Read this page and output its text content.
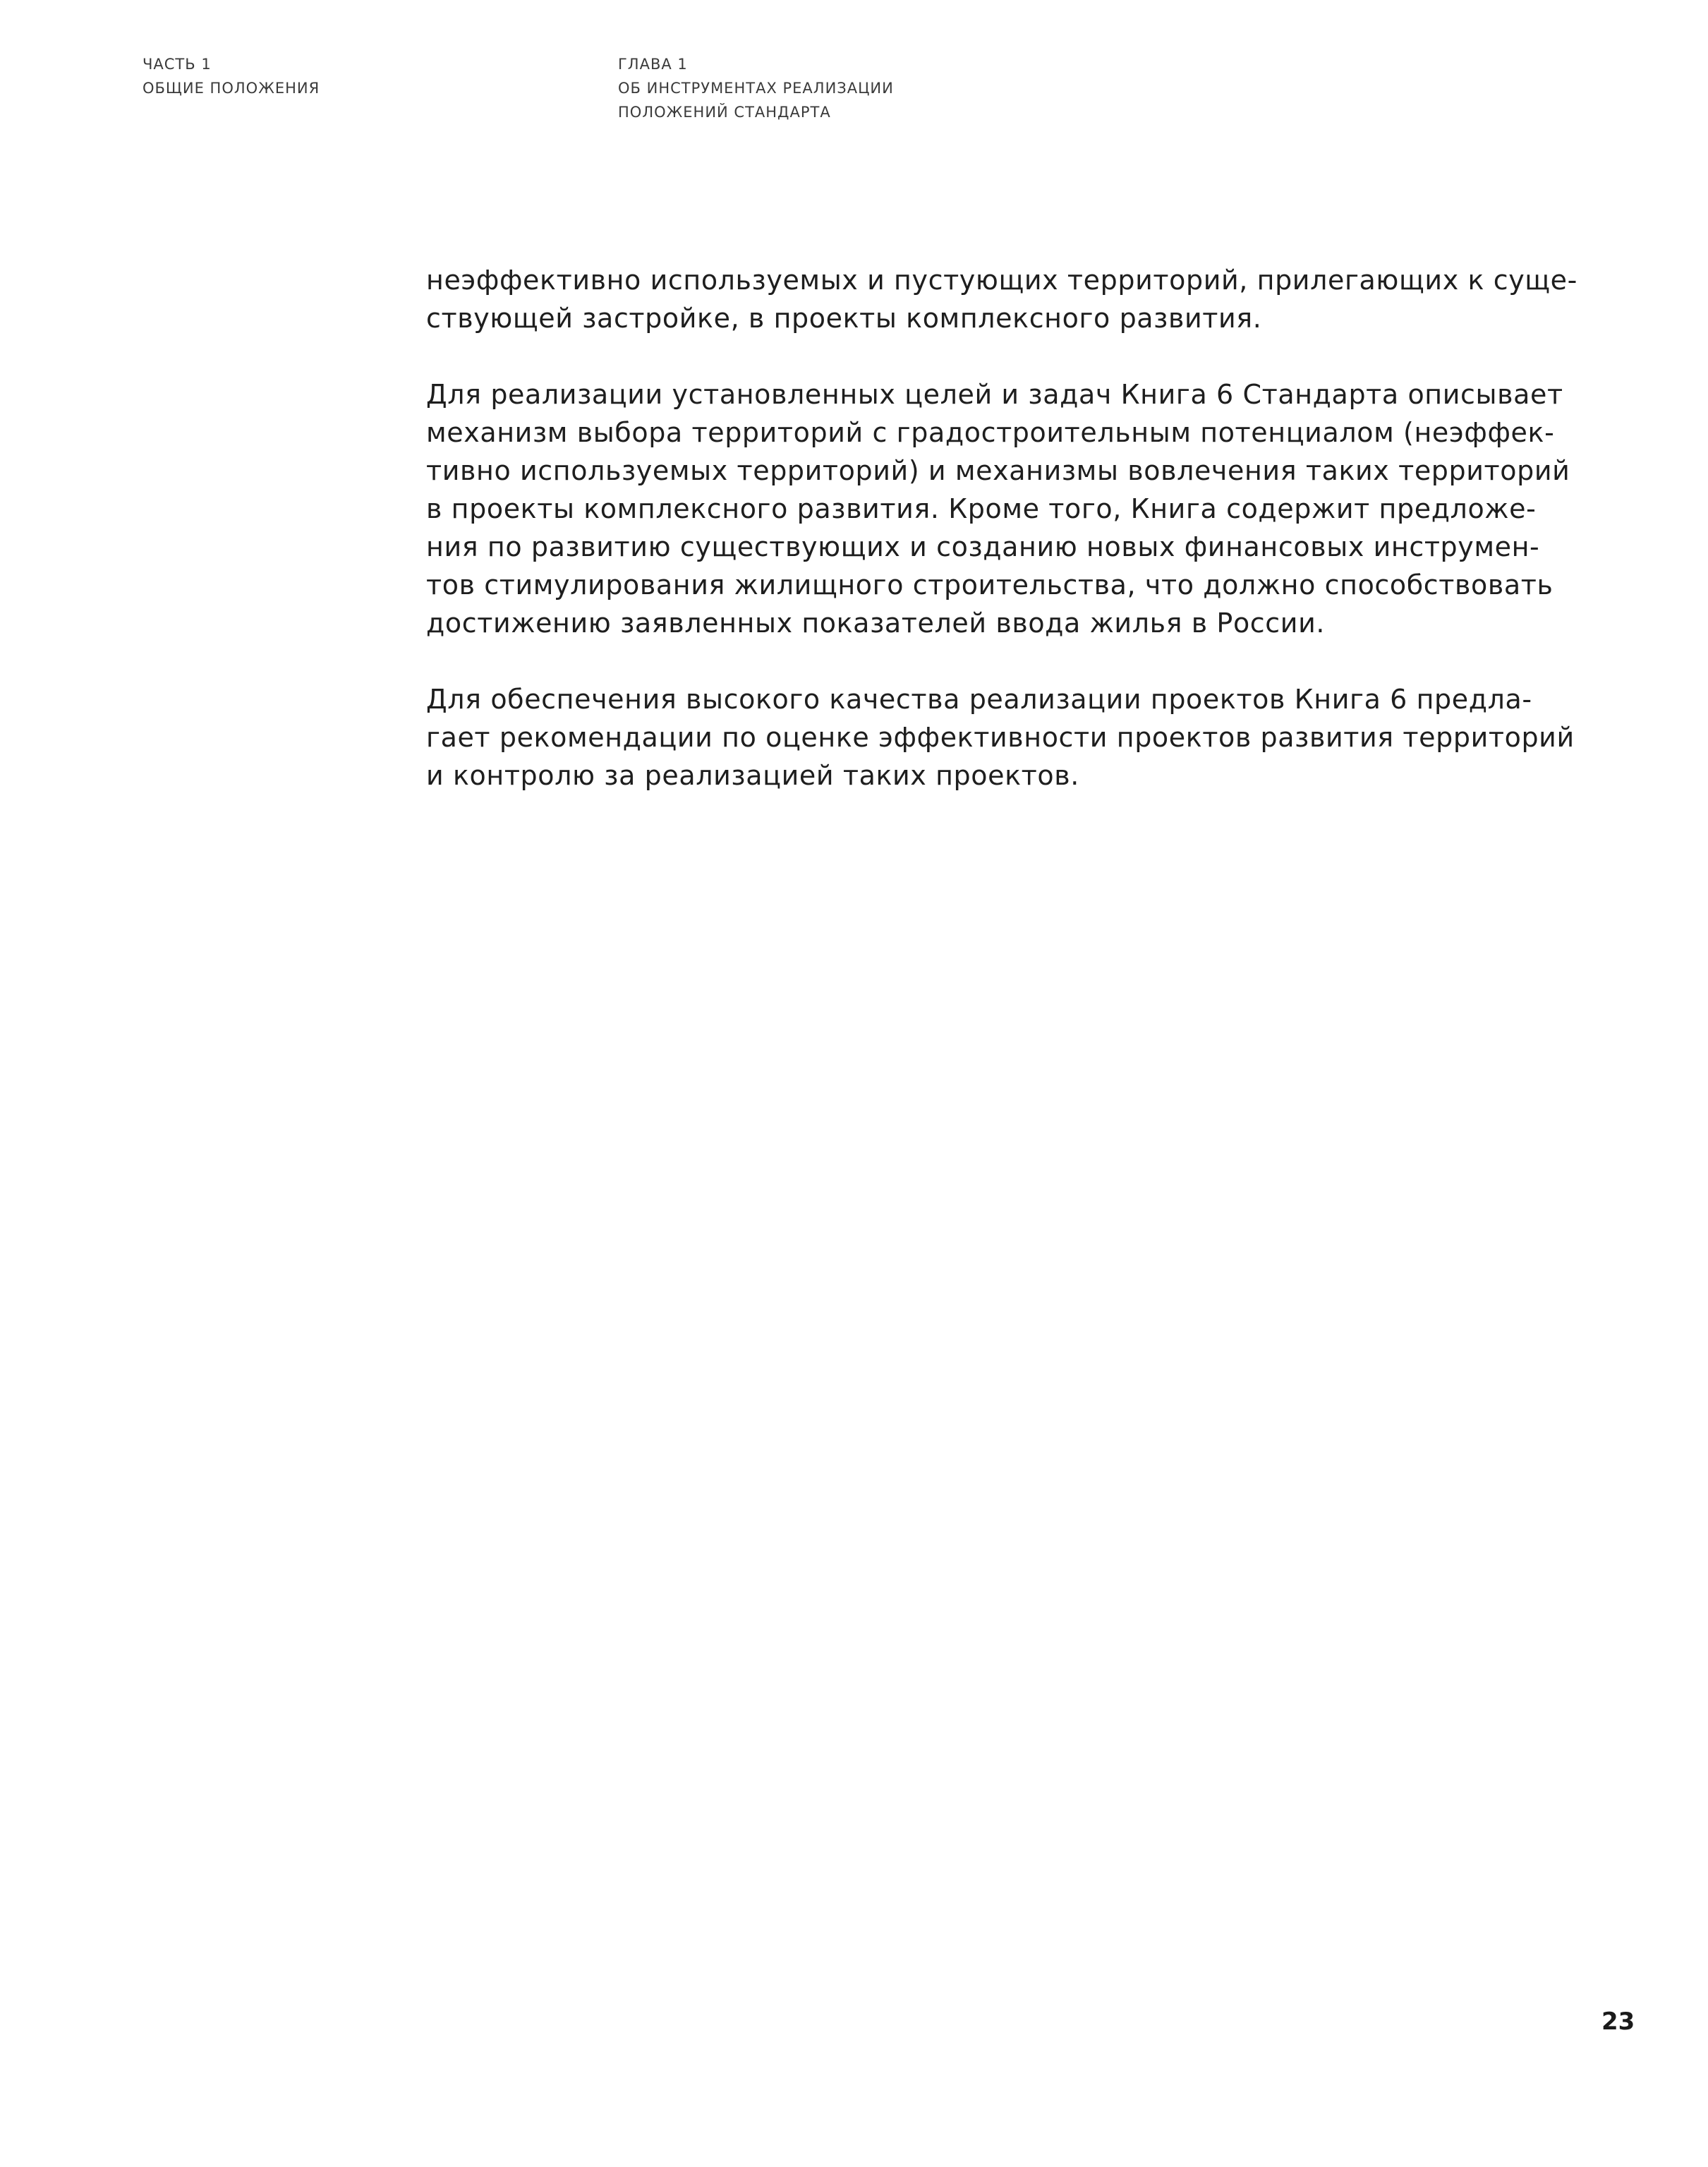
ЧАСТЬ 1
ОБЩИЕ ПОЛОЖЕНИЯ
ГЛАВА 1
ОБ ИНСТРУМЕНТАХ РЕАЛИЗАЦИИ
ПОЛОЖЕНИЙ СТАНДАРТА

неэффективно используемых и пустующих территорий, прилегающих к суще-
ствующей застройке, в проекты комплексного развития.

Для реализации установленных целей и задач Книга 6 Стандарта описывает
механизм выбора территорий с градостроительным потенциалом (неэффек-
тивно используемых территорий) и механизмы вовлечения таких территорий
в проекты комплексного развития. Кроме того, Книга содержит предложе-
ния по развитию существующих и созданию новых финансовых инструмен-
тов стимулирования жилищного строительства, что должно способствовать
достижению заявленных показателей ввода жилья в России.

Для обеспечения высокого качества реализации проектов Книга 6 предла-
гает рекомендации по оценке эффективности проектов развития территорий
и контролю за реализацией таких проектов.

23
